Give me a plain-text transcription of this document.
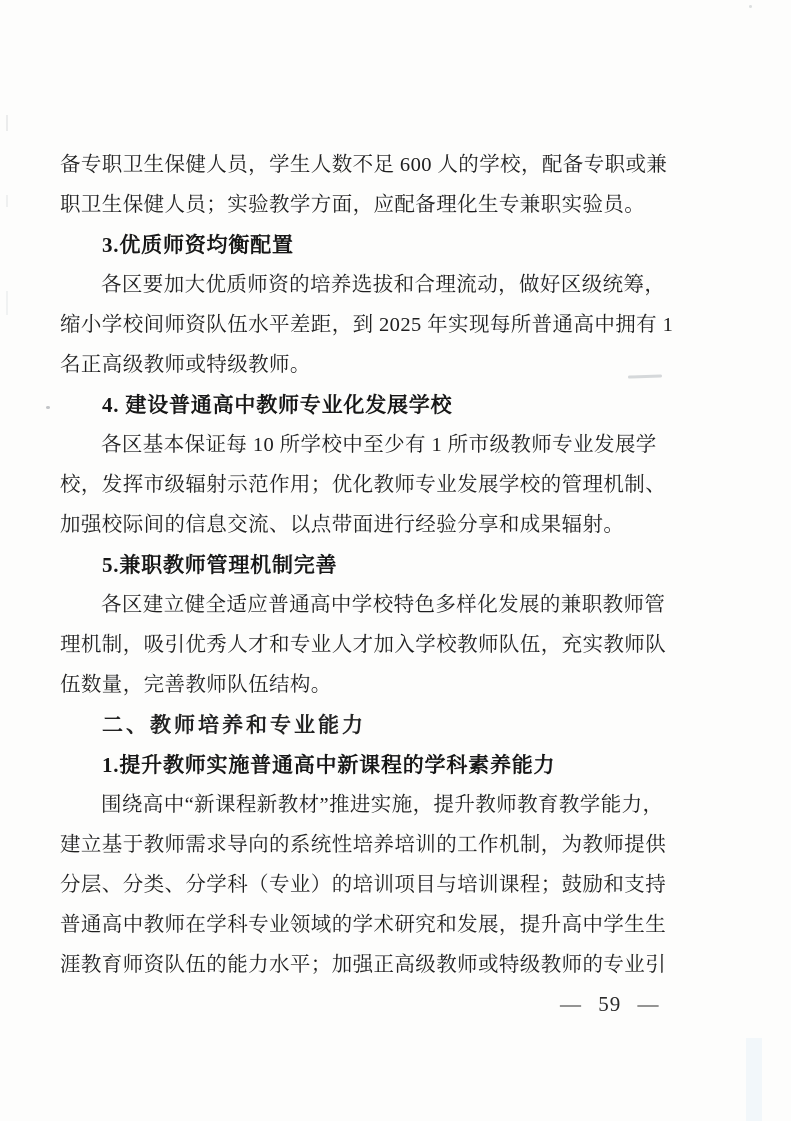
备专职卫生保健人员，学生人数不足 600 人的学校，配备专职或兼
职卫生保健人员；实验教学方面，应配备理化生专兼职实验员。
3.优质师资均衡配置
各区要加大优质师资的培养选拔和合理流动，做好区级统筹，
缩小学校间师资队伍水平差距，到 2025 年实现每所普通高中拥有 1
名正高级教师或特级教师。
4. 建设普通高中教师专业化发展学校
各区基本保证每 10 所学校中至少有 1 所市级教师专业发展学
校，发挥市级辐射示范作用；优化教师专业发展学校的管理机制、
加强校际间的信息交流、以点带面进行经验分享和成果辐射。
5.兼职教师管理机制完善
各区建立健全适应普通高中学校特色多样化发展的兼职教师管
理机制，吸引优秀人才和专业人才加入学校教师队伍，充实教师队
伍数量，完善教师队伍结构。
二、教师培养和专业能力
1.提升教师实施普通高中新课程的学科素养能力
围绕高中“新课程新教材”推进实施，提升教师教育教学能力，
建立基于教师需求导向的系统性培养培训的工作机制，为教师提供
分层、分类、分学科（专业）的培训项目与培训课程；鼓励和支持
普通高中教师在学科专业领域的学术研究和发展，提升高中学生生
涯教育师资队伍的能力水平；加强正高级教师或特级教师的专业引
— 59 —
